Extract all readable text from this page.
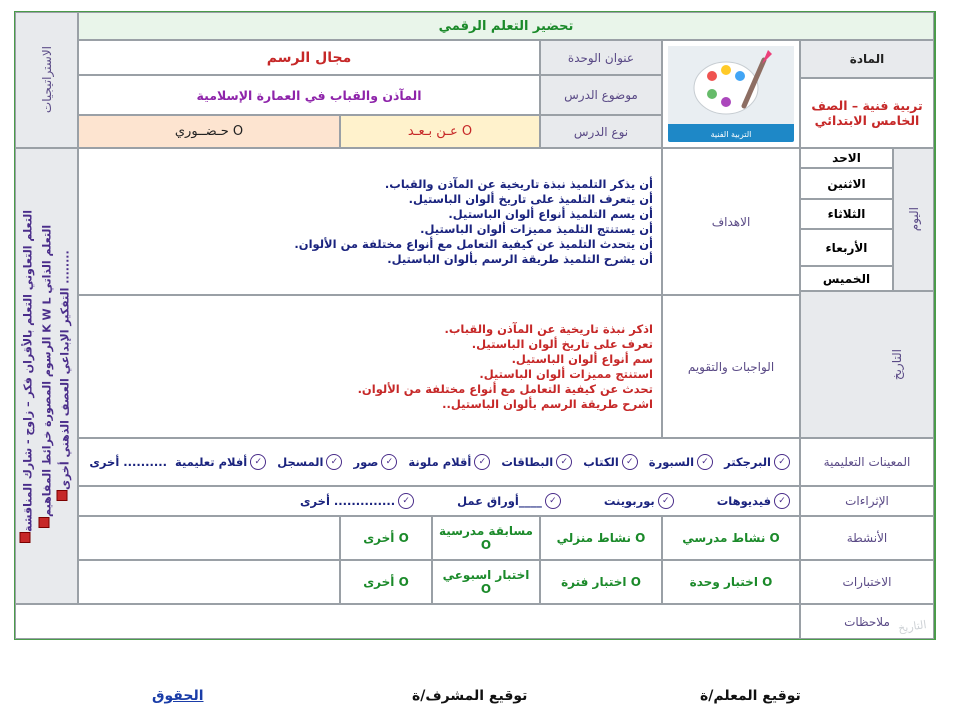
تحضير التعلم الرقمي
الاستراتيجيات	المادة
تربية فنية – الصف
الخامس الابتدائي
التربية الفنية
عنوان الوحدة
مجال الرسم
موضوع الدرس
المآذن والقباب في العمارة الإسلامية
نوع الدرس
عـن بـعـد O
حـضــوري O
اليوم
الاحد
الاثنين
الثلاثاء
الأربعاء
الخميس
التاريخ
الاهداف
أن يذكر التلميذ نبذة تاريخية عن المآذن والقباب.
أن يتعرف التلميذ على تاريخ ألوان الباستيل.
أن يسم التلميذ أنواع ألوان الباستيل.
أن يستنتج التلميذ مميزات ألوان الباستيل.
أن يتحدث التلميذ عن كيفية التعامل مع أنواع مختلفة من الألوان.
أن يشرح التلميذ طريقة الرسم بألوان الباستيل.
الواجبات والتقويم
اذكر نبذة تاريخية عن المآذن والقباب.
تعرف على تاريخ ألوان الباستيل.
سم أنواع ألوان الباستيل.
استنتج مميزات ألوان الباستيل.
تحدث عن كيفية التعامل مع أنواع مختلفة من الألوان.
اشرح طريقة الرسم بألوان الباستيل..
المعينات التعليمية
✓
البرجكتر
✓
السبورة
✓
الكتاب
✓
البطاقات
✓
أقلام ملونة
✓
صور
✓
المسجل
✓
أفلام تعليمية
أخرى ..........
الإثراءات
✓
فيديوهات
✓
بوربوينت
✓
أوراق عمل____
✓
أخرى ..............
الأنشطة
نشاط مدرسي O
نشاط منزلي O
مسابقة مدرسية
O
أخرى O
الاختبارات
اختبار وحدة O
اختبار فترة O
اختبار اسبوعي
O
أخرى O
ملاحظات
التعلم التعاوني التعلم بالأقران فكر – زاوج - شارك المناقشة الرسوم المصورة خرائط المفاهيم K W L التعلم الذاتي
التفكير الإبداعي العصف الذهني أخرى ........
التاريخ
توقيع المعلم/ة
توقيع المشرف/ة
الحقوق
